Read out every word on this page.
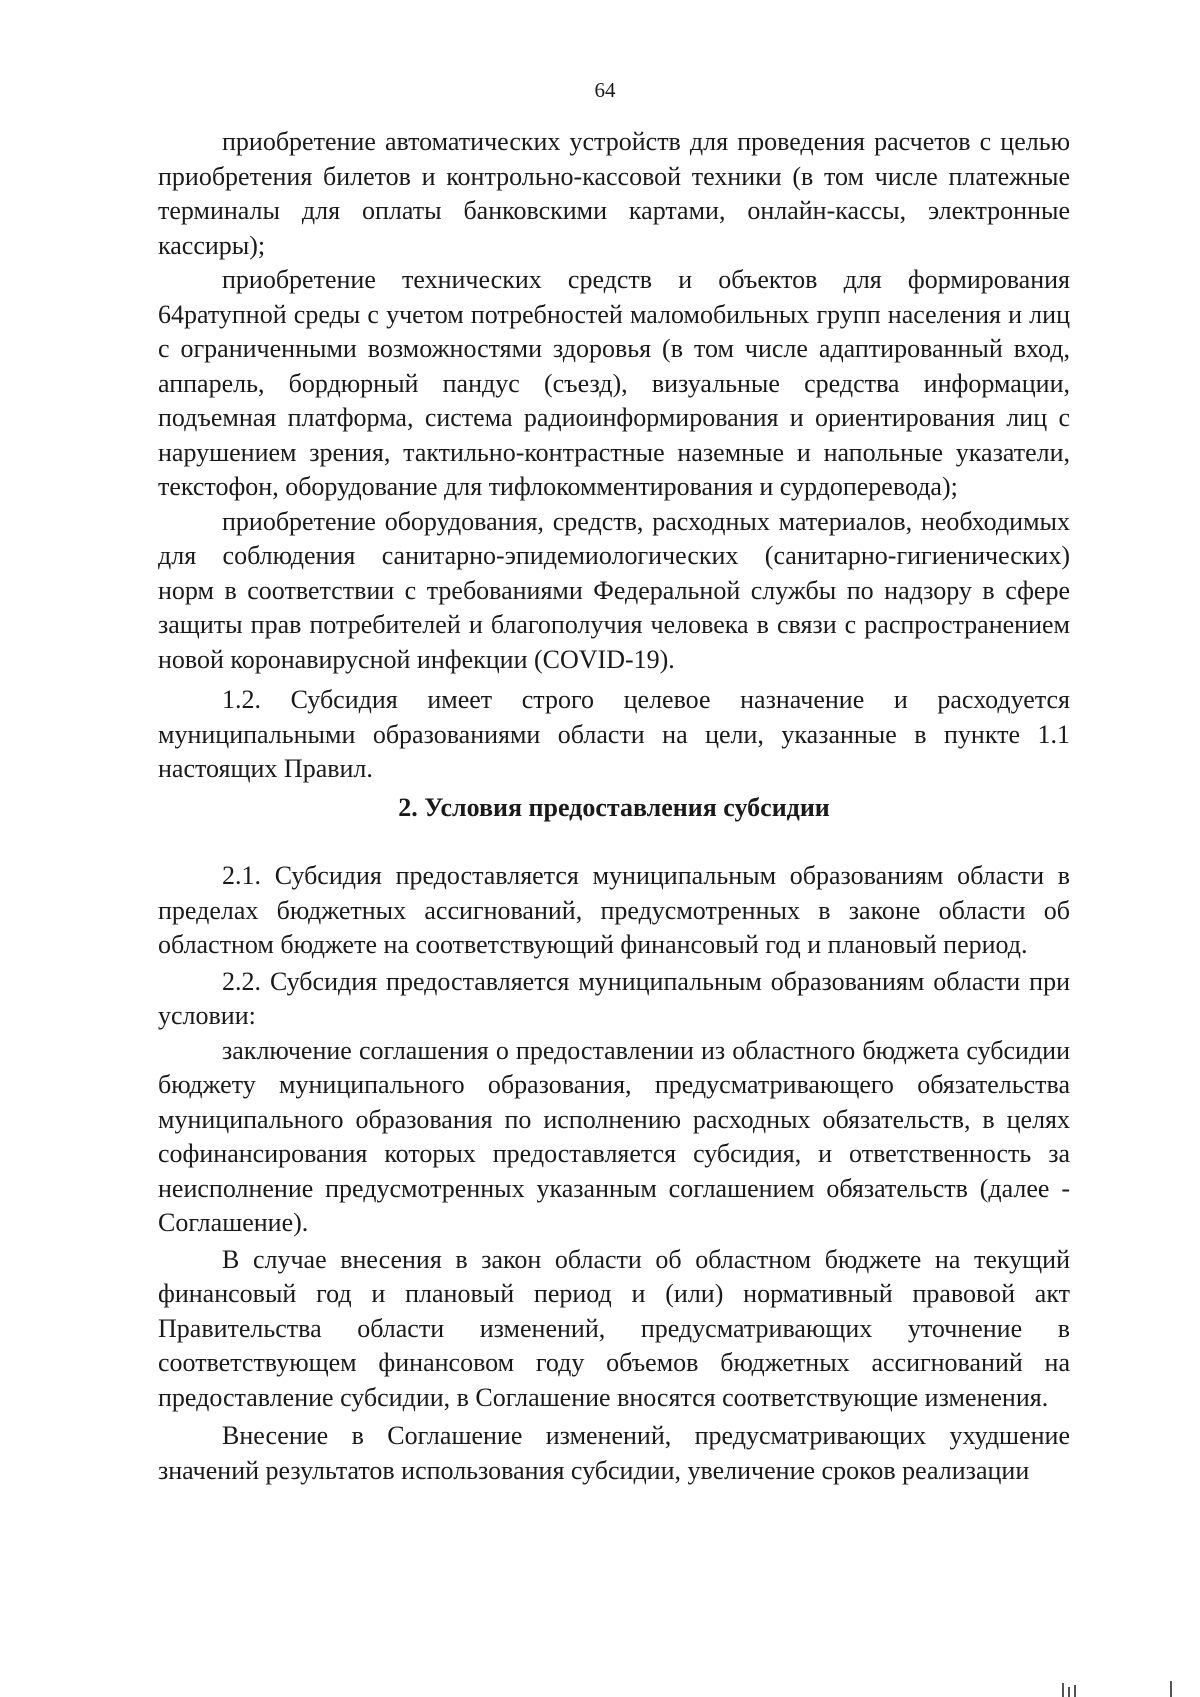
64

приобретение автоматических устройств для проведения расчетов с целью приобретения билетов и контрольно-кассовой техники (в том числе платежные терминалы для оплаты банковскими картами, онлайн-кассы, электронные кассиры);

приобретение технических средств и объектов для формирования 64ратупной среды с учетом потребностей маломобильных групп населения и лиц с ограниченными возможностями здоровья (в том числе адаптированный вход, аппарель, бордюрный пандус (съезд), визуальные средства информации, подъемная платформа, система радиоинформирования и ориентирования лиц с нарушением зрения, тактильно-контрастные наземные и напольные указатели, текстофон, оборудование для тифлокомментирования и сурдоперевода);

приобретение оборудования, средств, расходных материалов, необходимых для соблюдения санитарно-эпидемиологических (санитарно-гигиенических) норм в соответствии с требованиями Федеральной службы по надзору в сфере защиты прав потребителей и благополучия человека в связи с распространением новой коронавирусной инфекции (COVID-19).

1.2. Субсидия имеет строго целевое назначение и расходуется муниципальными образованиями области на цели, указанные в пункте 1.1 настоящих Правил.

2. Условия предоставления субсидии

2.1. Субсидия предоставляется муниципальным образованиям области в пределах бюджетных ассигнований, предусмотренных в законе области об областном бюджете на соответствующий финансовый год и плановый период.

2.2. Субсидия предоставляется муниципальным образованиям области при условии:

заключение соглашения о предоставлении из областного бюджета субсидии бюджету муниципального образования, предусматривающего обязательства муниципального образования по исполнению расходных обязательств, в целях софинансирования которых предоставляется субсидия, и ответственность за неисполнение предусмотренных указанным соглашением обязательств (далее - Соглашение).

В случае внесения в закон области об областном бюджете на текущий финансовый год и плановый период и (или) нормативный правовой акт Правительства области изменений, предусматривающих уточнение в соответствующем финансовом году объемов бюджетных ассигнований на предоставление субсидии, в Соглашение вносятся соответствующие изменения.

Внесение в Соглашение изменений, предусматривающих ухудшение значений результатов использования субсидии, увеличение сроков реализации
